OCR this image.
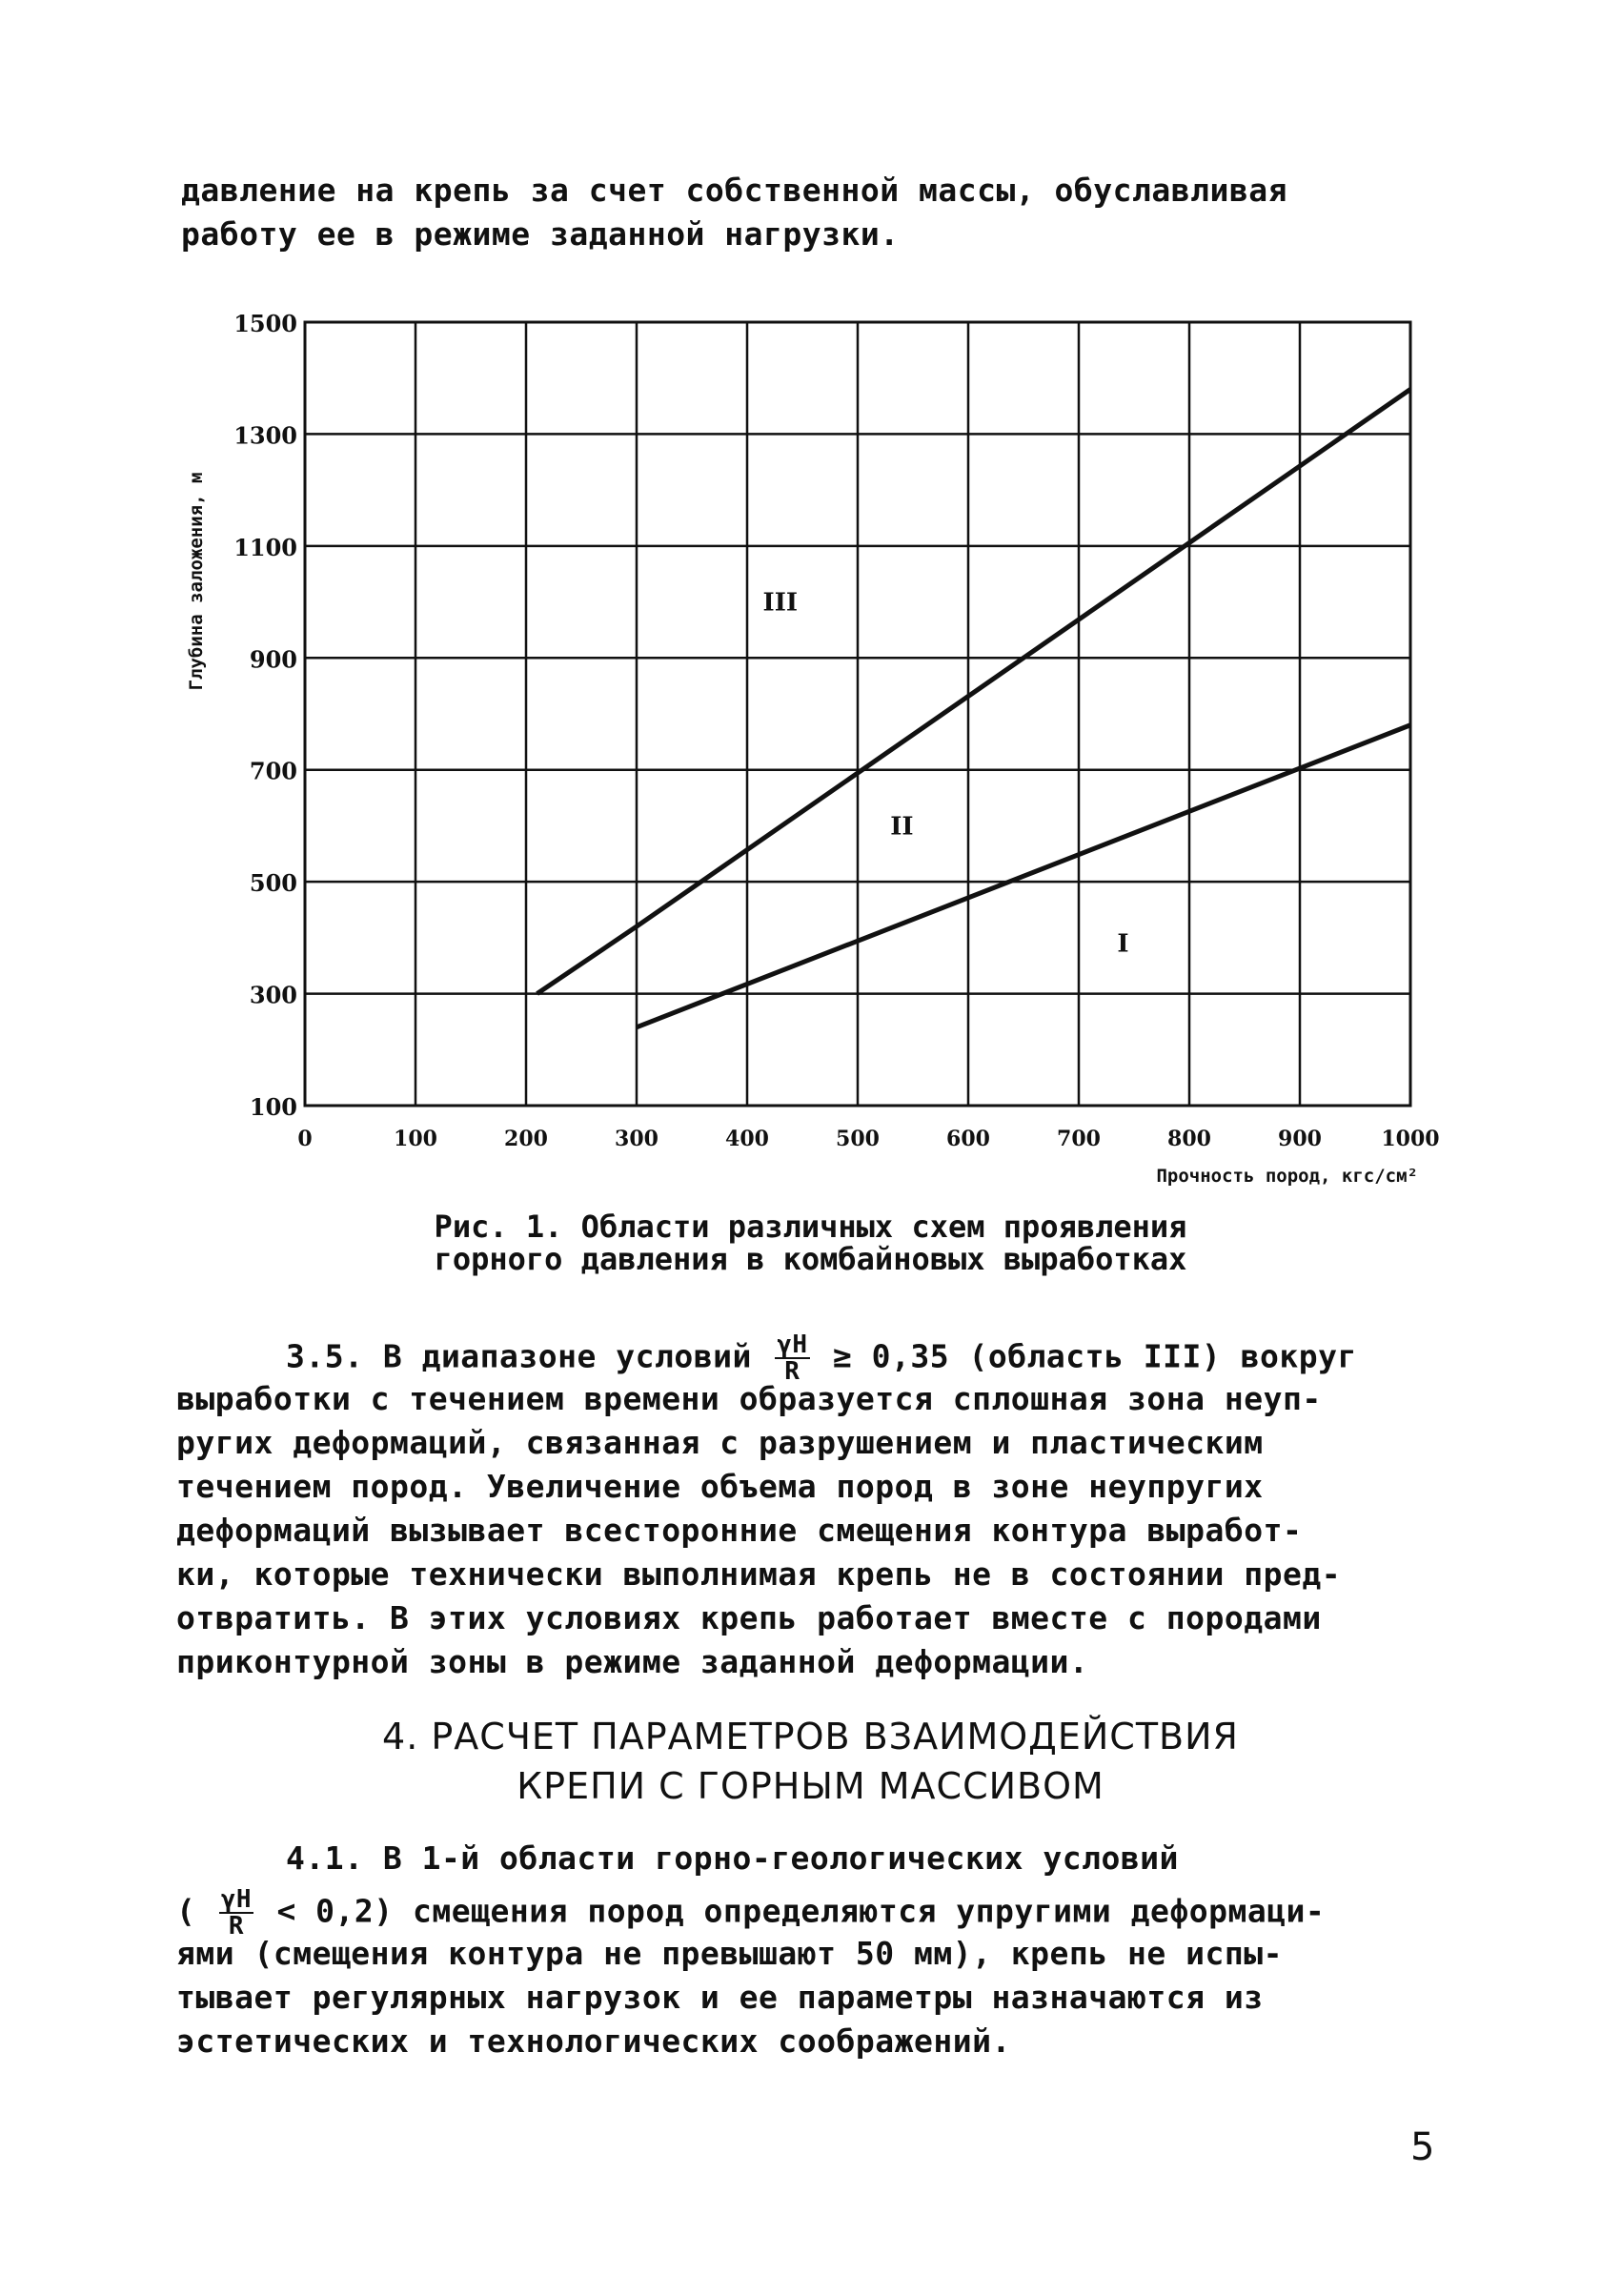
давление на крепь за счет собственной массы, обуславливая

работу ее в режиме заданной нагрузки.

0	100	200	300	400	500	600	700	800	900	1000
100
300
500
700
900
1100
1300
1500
III
II
I
Глубина заложения, м
Прочность пород, кгс/см²

Рис. 1. Области различных схем проявления

горного давления в комбайновых выработках

3.5. В диапазоне условий $\frac{\gamma H}{R} \ge 0,35$ (область III) вокруг

выработки с течением времени образуется сплошная зона неуп-

ругих деформаций, связанная с разрушением и пластическим

течением пород. Увеличение объема пород в зоне неупругих

деформаций вызывает всесторонние смещения контура выработ-

ки, которые технически выполнимая крепь не в состоянии пред-

отвратить. В этих условиях крепь работает вместе с породами

приконтурной зоны в режиме заданной деформации.

4. РАСЧЕТ ПАРАМЕТРОВ ВЗАИМОДЕЙСТВИЯ

КРЕПИ С ГОРНЫМ МАССИВОМ

4.1. В 1-й области горно-геологических условий

( $\frac{\gamma H}{R} < 0,2$) смещения пород определяются упругими деформаци-

ями (смещения контура не превышают 50 мм), крепь не испы-

тывает регулярных нагрузок и ее параметры назначаются из

эстетических и технологических соображений.

5
